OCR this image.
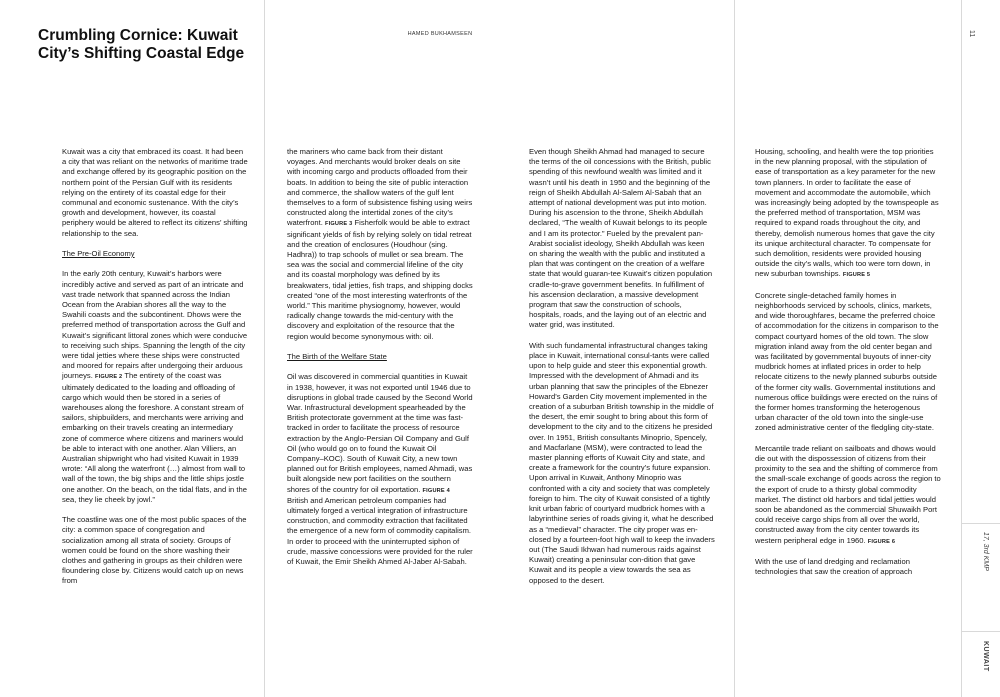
Crumbling Cornice: Kuwait City’s Shifting Coastal Edge
HAMED BUKHAMSEEN	11
17, 3rd KMP
KUWAIT

Kuwait was a city that embraced its coast. It had been a city that was reliant on the networks of maritime trade and exchange offered by its geographic position on the northern point of the Persian Gulf with its residents relying on the entirety of its coastal edge for their communal and economic sustenance. With the city’s growth and development, however, its coastal periphery would be altered to reflect its citizens’ shifting relationship to the sea.

The Pre-Oil Economy

In the early 20th century, Kuwait’s harbors were incredibly active and served as part of an intricate and vast trade network that spanned across the Indian Ocean from the Arabian shores all the way to the Swahili coasts and the subcontinent. Dhows were the preferred method of transportation across the Gulf and Kuwait’s significant littoral zones which were conducive to receiving such ships. Spanning the length of the city were tidal jetties where these ships were constructed and moored for repairs after undergoing their arduous journeys. FIGURE 2 The entirety of the coast was ultimately dedicated to the loading and offloading of cargo which would then be stored in a series of warehouses along the foreshore. A constant stream of sailors, shipbuilders, and merchants were arriving and embarking on their travels creating an intermediary zone of commerce where citizens and mariners would be able to interact with one another. Alan Villiers, an Australian shipwright who had visited Kuwait in 1939 wrote: “All along the waterfront (…) almost from wall to wall of the town, the big ships and the little ships jostle one another. On the beach, on the tidal flats, and in the sea, they lie cheek by jowl.”

The coastline was one of the most public spaces of the city: a common space of congregation and socialization among all strata of society. Groups of women could be found on the shore washing their clothes and gathering in groups as their children were floundering close by. Citizens would catch up on news from

the mariners who came back from their distant voyages. And merchants would broker deals on site with incoming cargo and products offloaded from their boats. In addition to being the site of public interaction and commerce, the shallow waters of the gulf lent themselves to a form of subsistence fishing using weirs constructed along the intertidal zones of the city’s waterfront. FIGURE 3 Fisherfolk would be able to extract significant yields of fish by relying solely on tidal retreat and the creation of enclosures (Houdhour (sing. Hadhra)) to trap schools of mullet or sea bream. The sea was the social and commercial lifeline of the city and its coastal morphology was defined by its breakwaters, tidal jetties, fish traps, and shipping docks created “one of the most interesting waterfronts of the world.” This maritime physiognomy, however, would radically change towards the mid-century with the discovery and exploitation of the resource that the region would become synonymous with: oil.

The Birth of the Welfare State

Oil was discovered in commercial quantities in Kuwait in 1938, however, it was not exported until 1946 due to disruptions in global trade caused by the Second World War. Infrastructural development spearheaded by the British protectorate government at the time was fast-tracked in order to facilitate the process of resource extraction by the Anglo-Persian Oil Company and Gulf Oil (who would go on to found the Kuwait Oil Company–KOC). South of Kuwait City, a new town planned out for British employees, named Ahmadi, was built alongside new port facilities on the southern shores of the country for oil exportation. FIGURE 4 British and American petroleum companies had ultimately forged a vertical integration of infrastructure construction, and commodity extraction that facilitated the emergence of a new form of commodity capitalism. In order to proceed with the uninterrupted siphon of crude, massive concessions were provided for the ruler of Kuwait, the Emir Sheikh Ahmed Al-Jaber Al-Sabah.

Even though Sheikh Ahmad had managed to secure the terms of the oil concessions with the British, public spending of this newfound wealth was limited and it wasn’t until his death in 1950 and the beginning of the reign of Sheikh Abdullah Al-Salem Al-Sabah that an attempt of national development was put into motion. During his ascension to the throne, Sheikh Abdullah declared, “The wealth of Kuwait belongs to its people and I am its protector.” Fueled by the prevalent pan-Arabist socialist ideology, Sheikh Abdullah was keen on sharing the wealth with the public and instituted a plan that was contingent on the creation of a welfare state that would guaran-tee Kuwait’s citizen population cradle-to-grave government benefits. In fulfillment of his ascension declaration, a massive development program that saw the construction of schools, hospitals, roads, and the laying out of an electric and water grid, was instituted.

With such fundamental infrastructural changes taking place in Kuwait, international consul-tants were called upon to help guide and steer this exponential growth. Impressed with the development of Ahmadi and its urban planning that saw the principles of the Ebnezer Howard’s Garden City movement implemented in the creation of a suburban British township in the middle of the desert, the emir sought to bring about this form of development to the city and to the citizens he presided over. In 1951, British consultants Minoprio, Spencely, and Macfarlane (MSM), were contracted to lead the master planning efforts of Kuwait City and state, and create a framework for the country’s future expansion. Upon arrival in Kuwait, Anthony Minoprio was confronted with a city and society that was completely foreign to him. The city of Kuwait consisted of a tightly knit urban fabric of courtyard mudbrick homes with a labyrinthine series of roads giving it, what he described as a “medieval” character. The city proper was en-closed by a fourteen-foot high wall to keep the invaders out (The Saudi Ikhwan had numerous raids against Kuwait) creating a peninsular con-dition that gave Kuwait and its people a view towards the sea as opposed to the desert.

Housing, schooling, and health were the top priorities in the new planning proposal, with the stipulation of ease of transportation as a key parameter for the new town planners. In order to facilitate the ease of movement and accommodate the automobile, which was increasingly being adopted by the townspeople as the preferred method of transportation, MSM was required to expand roads throughout the city, and thereby, demolish numerous homes that gave the city its unique architectural character. To compensate for such demolition, residents were provided housing outside the city’s walls, which too were torn down, in new suburban townships. FIGURE 5

Concrete single-detached family homes in neighborhoods serviced by schools, clinics, markets, and wide thoroughfares, became the preferred choice of accommodation for the citizens in comparison to the compact courtyard homes of the old town. The slow migration inland away from the old center began and was facilitated by governmental buyouts of inner-city mudbrick homes at inflated prices in order to help relocate citizens to the newly planned suburbs outside of the former city walls. Governmental institutions and numerous office buildings were erected on the ruins of the former homes transforming the heterogenous urban character of the old town into the single-use zoned administrative center of the fledgling city-state.

Mercantile trade reliant on sailboats and dhows would die out with the dispossession of citizens from their proximity to the sea and the shifting of commerce from the small-scale exchange of goods across the region to the export of crude to a thirsty global commodity market. The distinct old harbors and tidal jetties would soon be abandoned as the commercial Shuwaikh Port could receive cargo ships from all over the world, constructed away from the city center towards its western peripheral edge in 1960. FIGURE 6

With the use of land dredging and reclamation technologies that saw the creation of approach
